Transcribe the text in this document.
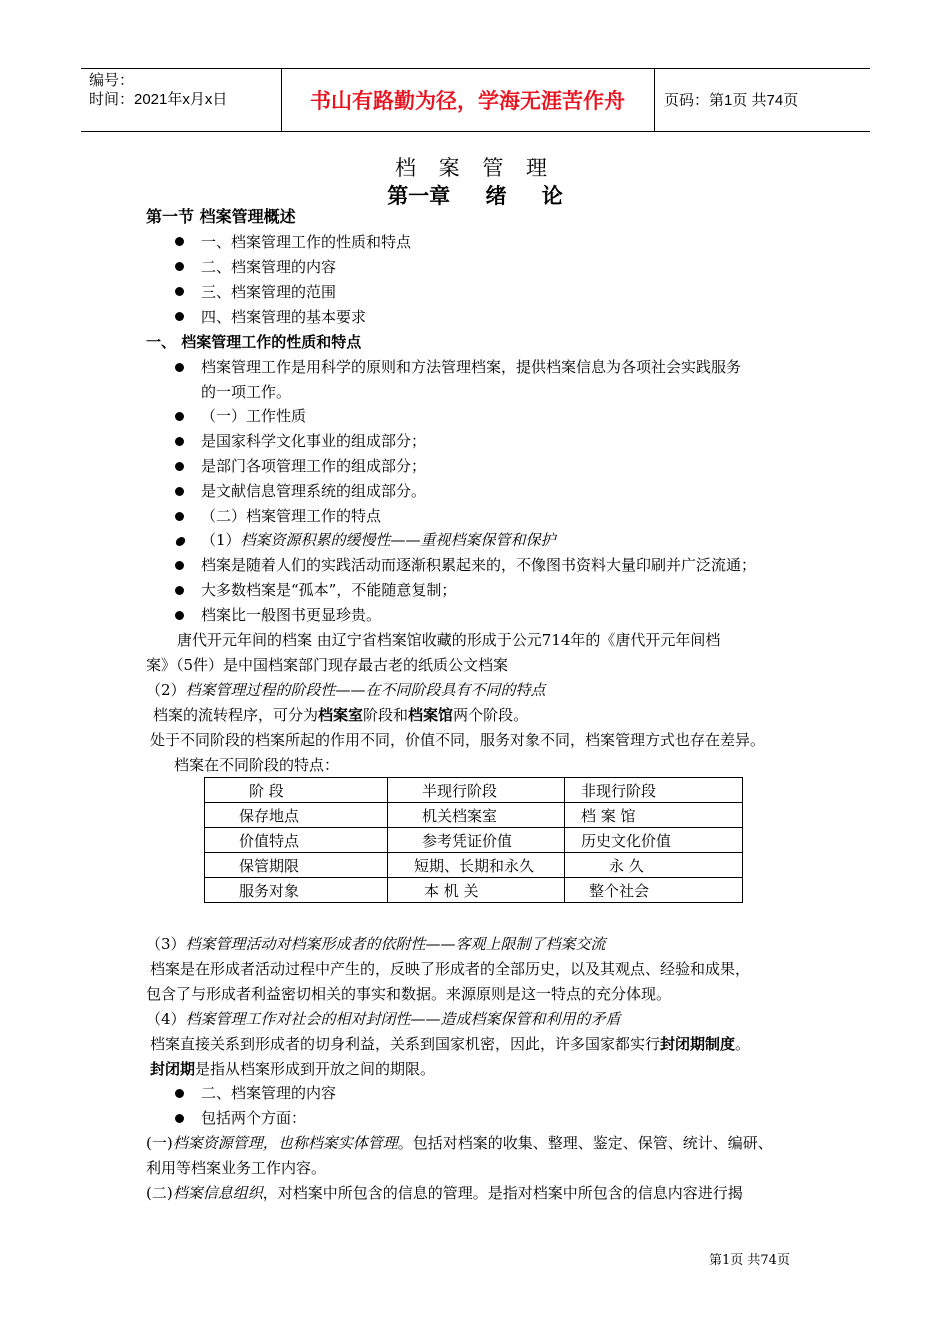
编号：
时间：2021年x月x日	书山有路勤为径，学海无涯苦作舟	页码：第1页 共74页
档 案 管 理
第一章 绪 论
第一节 档案管理概述
一、档案管理工作的性质和特点
二、档案管理的内容
三、档案管理的范围
四、档案管理的基本要求
一、 档案管理工作的性质和特点
档案管理工作是用科学的原则和方法管理档案，提供档案信息为各项社会实践服务
的一项工作。
（一）工作性质
是国家科学文化事业的组成部分；
是部门各项管理工作的组成部分；
是文献信息管理系统的组成部分。
（二）档案管理工作的特点
（1）档案资源积累的缓慢性——重视档案保管和保护
档案是随着人们的实践活动而逐渐积累起来的，不像图书资料大量印刷并广泛流通；
大多数档案是“孤本”，不能随意复制；
档案比一般图书更显珍贵。
唐代开元年间的档案 由辽宁省档案馆收藏的形成于公元714年的《唐代开元年间档
案》（5件）是中国档案部门现存最古老的纸质公文档案
（2）档案管理过程的阶段性——在不同阶段具有不同的特点
档案的流转程序，可分为档案室阶段和档案馆两个阶段。
处于不同阶段的档案所起的作用不同，价值不同，服务对象不同，档案管理方式也存在差异。
档案在不同阶段的特点：
阶 段	半现行阶段	非现行阶段
保存地点	机关档案室	档 案 馆
价值特点	参考凭证价值	历史文化价值
保管期限	短期、长期和永久	永 久
服务对象	本 机 关	整个社会
（3）档案管理活动对档案形成者的依附性——客观上限制了档案交流
档案是在形成者活动过程中产生的，反映了形成者的全部历史，以及其观点、经验和成果，
包含了与形成者利益密切相关的事实和数据。来源原则是这一特点的充分体现。
（4）档案管理工作对社会的相对封闭性——造成档案保管和利用的矛盾
档案直接关系到形成者的切身利益，关系到国家机密，因此，许多国家都实行封闭期制度。
封闭期是指从档案形成到开放之间的期限。
二、档案管理的内容
包括两个方面：
(一)档案资源管理，也称档案实体管理。包括对档案的收集、整理、鉴定、保管、统计、编研、
利用等档案业务工作内容。
(二)档案信息组织，对档案中所包含的信息的管理。是指对档案中所包含的信息内容进行揭
第1页 共74页
